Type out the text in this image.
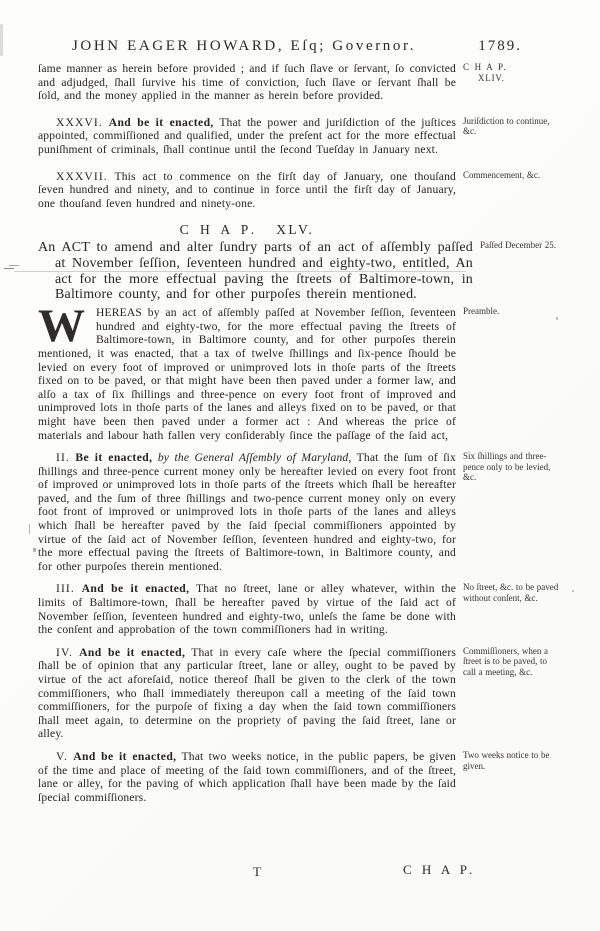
JOHN EAGER HOWARD, Eſq; Governor.	1789.
ſame manner as herein before provided ; and if ſuch ſlave or ſervant, ſo convicted and adjudged, ſhall ſurvive his time of conviction, ſuch ſlave or ſervant ſhall be ſold, and the money applied in the manner as herein before provided.
C H A P.
XLIV.
XXXVI. And be it enacted, That the power and juriſdiction of the juſtices appointed, commiſſioned and qualified, under the preſent act for the more effectual puniſhment of criminals, ſhall continue until the ſecond Tueſday in January next.
Juriſdiction to continue, &c.
XXXVII. This act to commence on the firſt day of January, one thouſand ſeven hundred and ninety, and to continue in force until the firſt day of January, one thouſand ſeven hundred and ninety-one.
Commencement, &c.
C H A P. XLV.
An ACT to amend and alter ſundry parts of an act of aſſembly paſſed at November ſeſſion, ſeventeen hundred and eighty-two, entitled, An act for the more effectual paving the ſtreets of Baltimore-town, in Baltimore county, and for other purpoſes therein mentioned.
Paſſed December 25.
WHEREAS by an act of aſſembly paſſed at November ſeſſion, ſeventeen hundred and eighty-two, for the more effectual paving the ſtreets of Baltimore-town, in Baltimore county, and for other purpoſes therein mentioned, it was enacted, that a tax of twelve ſhillings and ſix-pence ſhould be levied on every foot of improved or unimproved lots in thoſe parts of the ſtreets fixed on to be paved, or that might have been then paved under a former law, and alſo a tax of ſix ſhillings and three-pence on every foot front of improved and unimproved lots in thoſe parts of the lanes and alleys fixed on to be paved, or that might have been then paved under a former act : And whereas the price of materials and labour hath fallen very conſiderably ſince the paſſage of the ſaid act,
Preamble.
II. Be it enacted, by the General Aſſembly of Maryland, That the ſum of ſix ſhillings and three-pence current money only be hereafter levied on every foot front of improved or unimproved lots in thoſe parts of the ſtreets which ſhall be hereafter paved, and the ſum of three ſhillings and two-pence current money only on every foot front of improved or unimproved lots in thoſe parts of the lanes and alleys which ſhall be hereafter paved by the ſaid ſpecial commiſſioners appointed by virtue of the ſaid act of November ſeſſion, ſeventeen hundred and eighty-two, for the more effectual paving the ſtreets of Baltimore-town, in Baltimore county, and for other purpoſes therein mentioned.
Six ſhillings and three-pence only to be levied, &c.
III. And be it enacted, That no ſtreet, lane or alley whatever, within the limits of Baltimore-town, ſhall be hereafter paved by virtue of the ſaid act of November ſeſſion, ſeventeen hundred and eighty-two, unleſs the ſame be done with the conſent and approbation of the town commiſſioners had in writing.
No ſtreet, &c. to be paved without conſent, &c.
IV. And be it enacted, That in every caſe where the ſpecial commiſſioners ſhall be of opinion that any particular ſtreet, lane or alley, ought to be paved by virtue of the act aforeſaid, notice thereof ſhall be given to the clerk of the town commiſſioners, who ſhall immediately thereupon call a meeting of the ſaid town commiſſioners, for the purpoſe of fixing a day when the ſaid town commiſſioners ſhall meet again, to determine on the propriety of paving the ſaid ſtreet, lane or alley.
Commiſſioners, when a ſtreet is to be paved, to call a meeting, &c.
V. And be it enacted, That two weeks notice, in the public papers, be given of the time and place of meeting of the ſaid town commiſſioners, and of the ſtreet, lane or alley, for the paving of which application ſhall have been made by the ſaid ſpecial commiſſioners.
Two weeks notice to be given.
T	C H A P.
